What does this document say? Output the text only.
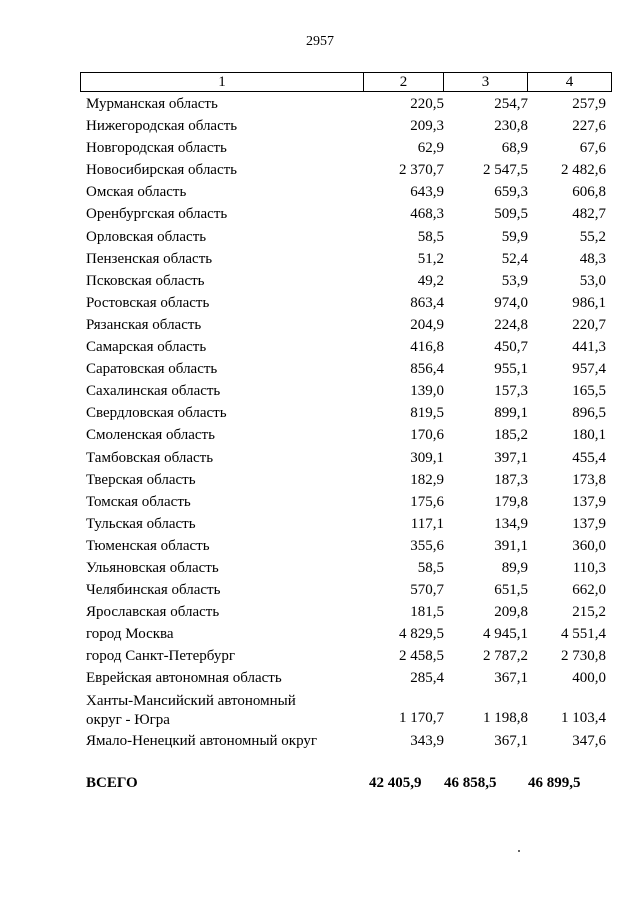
2957
1	2	3	4
Мурманская область	220,5	254,7	257,9
Нижегородская область	209,3	230,8	227,6
Новгородская область	62,9	68,9	67,6
Новосибирская область	2 370,7	2 547,5	2 482,6
Омская область	643,9	659,3	606,8
Оренбургская область	468,3	509,5	482,7
Орловская область	58,5	59,9	55,2
Пензенская область	51,2	52,4	48,3
Псковская область	49,2	53,9	53,0
Ростовская область	863,4	974,0	986,1
Рязанская область	204,9	224,8	220,7
Самарская область	416,8	450,7	441,3
Саратовская область	856,4	955,1	957,4
Сахалинская область	139,0	157,3	165,5
Свердловская область	819,5	899,1	896,5
Смоленская область	170,6	185,2	180,1
Тамбовская область	309,1	397,1	455,4
Тверская область	182,9	187,3	173,8
Томская область	175,6	179,8	137,9
Тульская область	117,1	134,9	137,9
Тюменская область	355,6	391,1	360,0
Ульяновская область	58,5	89,9	110,3
Челябинская область	570,7	651,5	662,0
Ярославская область	181,5	209,8	215,2
город Москва	4 829,5	4 945,1	4 551,4
город Санкт-Петербург	2 458,5	2 787,2	2 730,8
Еврейская автономная область	285,4	367,1	400,0
Ханты-Мансийский автономный
округ - Югра	1 170,7	1 198,8	1 103,4
Ямало-Ненецкий автономный округ	343,9	367,1	347,6
ВСЕГО	42 405,9	46 858,5	46 899,5
